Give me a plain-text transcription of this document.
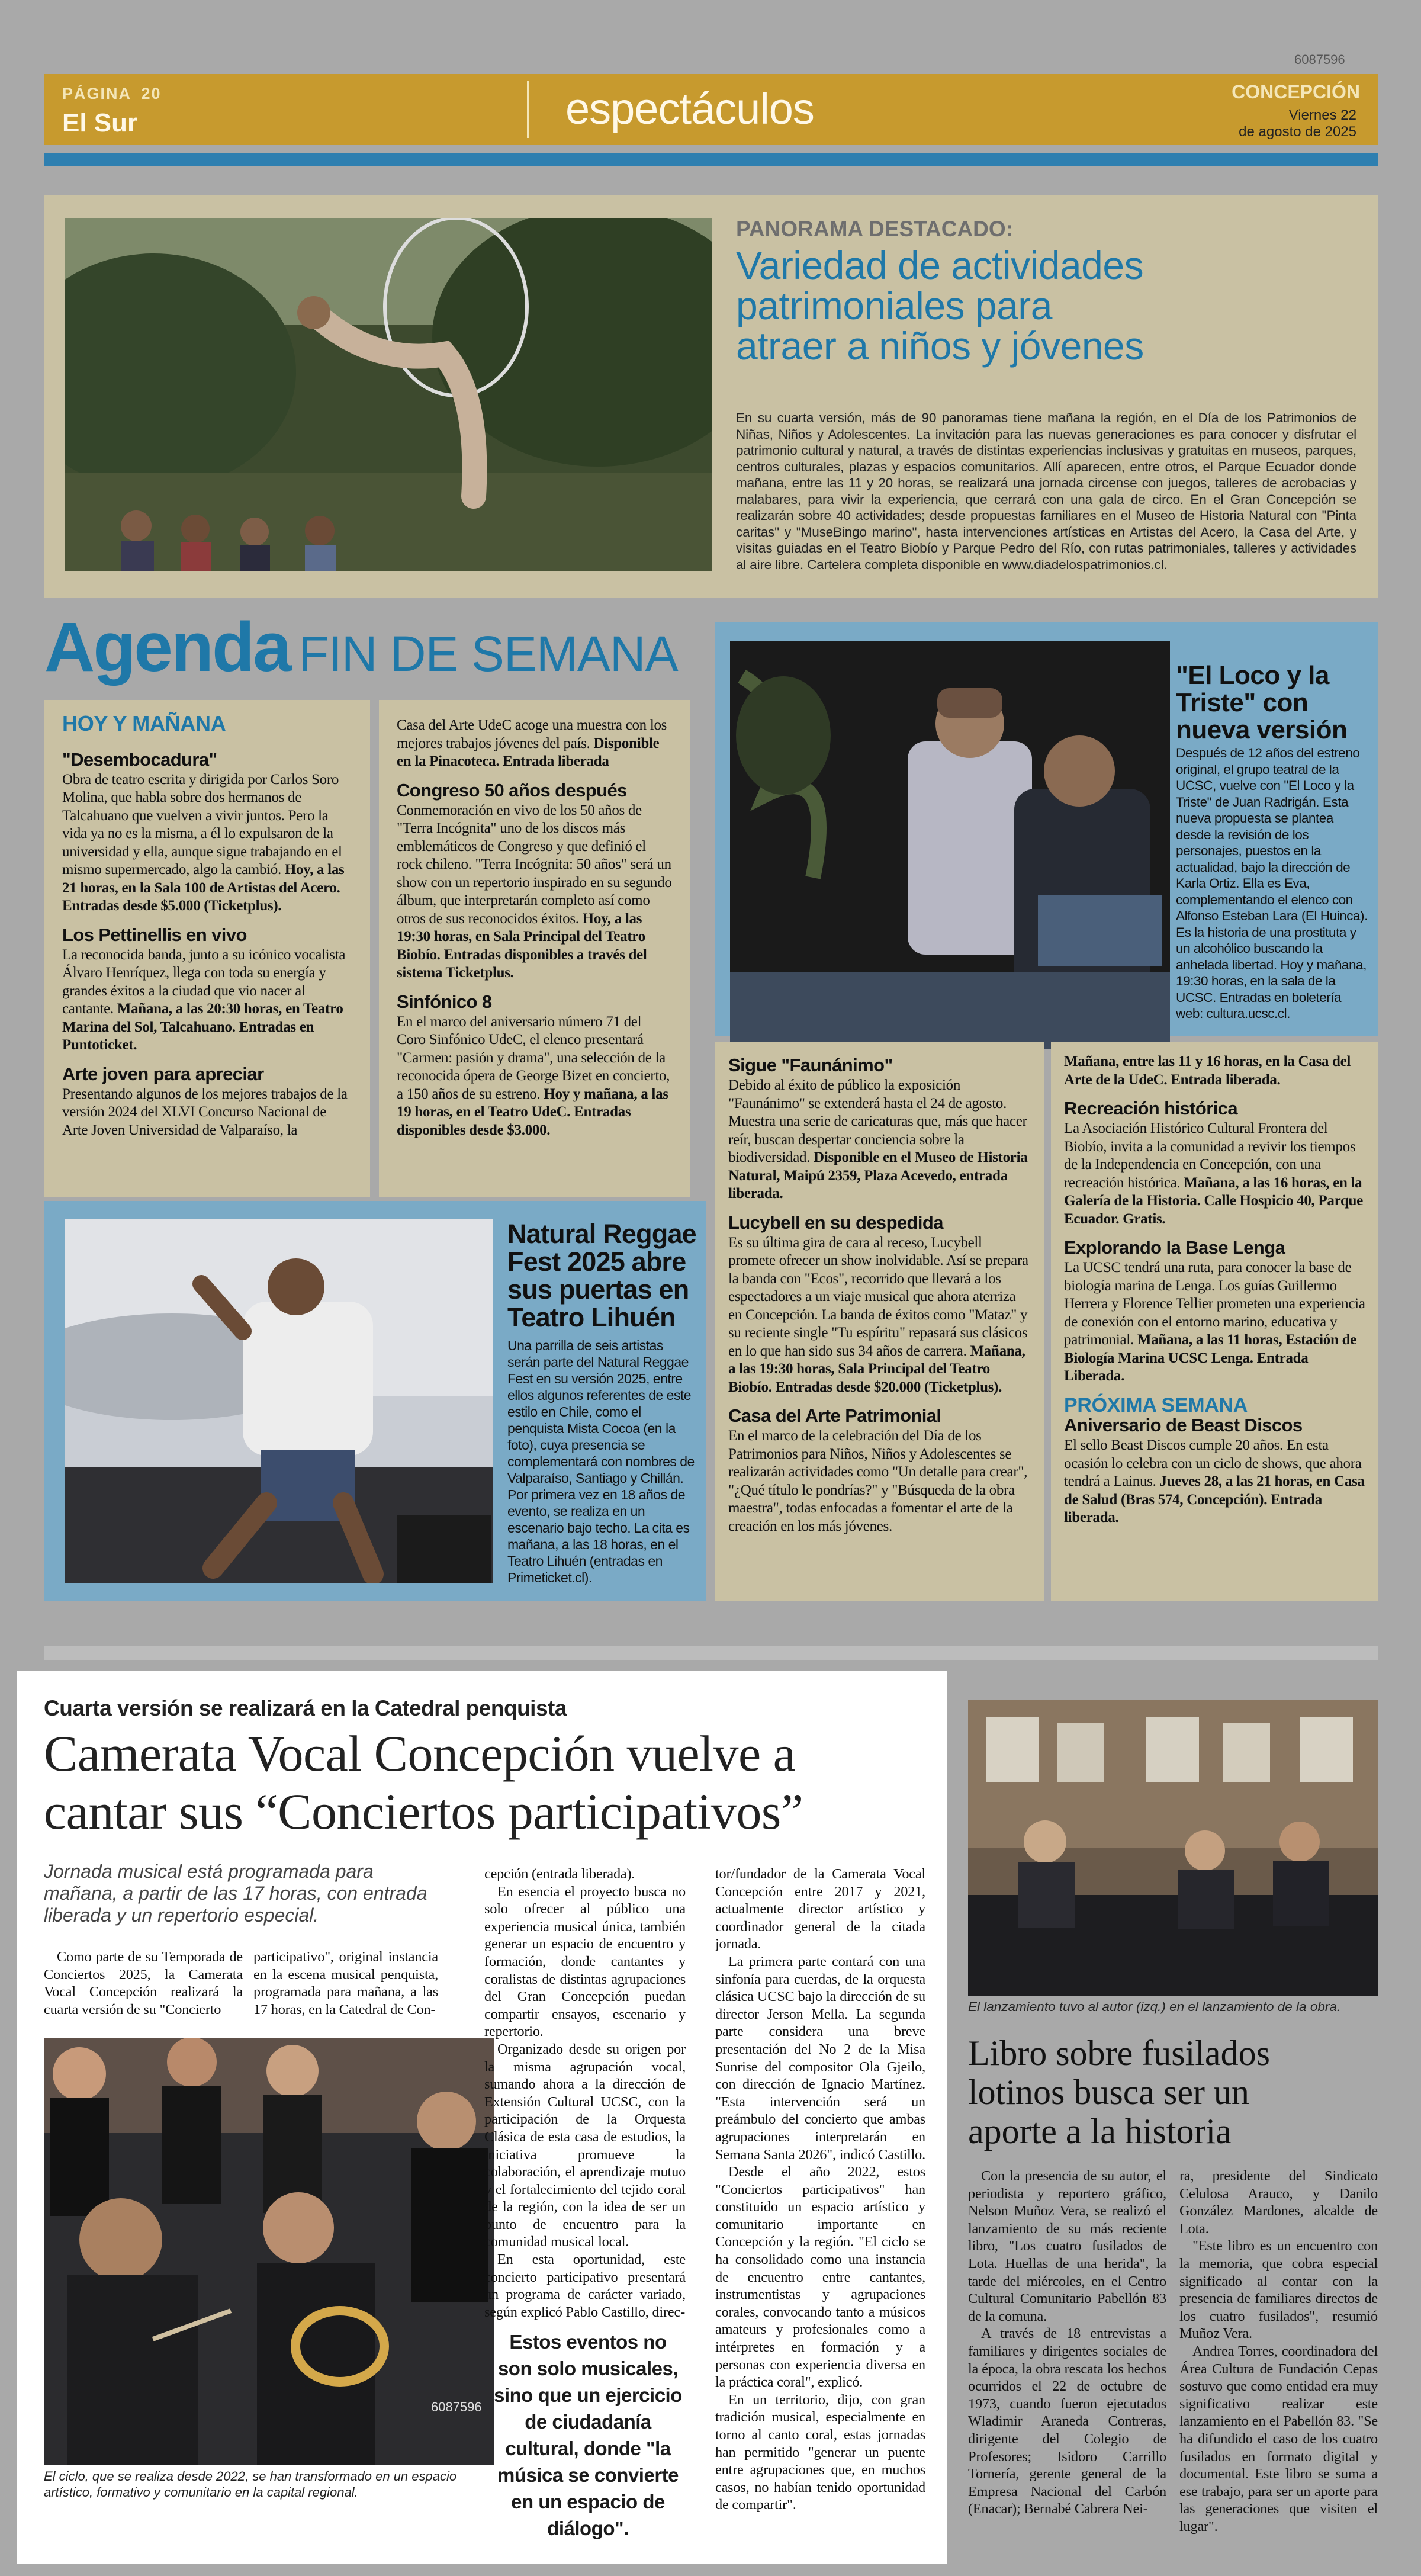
6087596
PÁGINA 20
El Sur	espectáculos	CONCEPCIÓN
Viernes 22
de agosto de 2025
PANORAMA DESTACADO:
Variedad de actividades
patrimoniales para
atraer a niños y jóvenes
En su cuarta versión, más de 90 panoramas tiene mañana la región, en el Día de los Patrimonios de Niñas, Niños y Adolescentes. La invitación para las nuevas generaciones es para conocer y disfrutar el patrimonio cultural y natural, a través de distintas experiencias inclusivas y gratuitas en museos, parques, centros culturales, plazas y espacios comunitarios. Allí aparecen, entre otros, el Parque Ecuador donde mañana, entre las 11 y 20 horas, se realizará una jornada circense con juegos, talleres de acrobacias y malabares, para vivir la experiencia, que cerrará con una gala de circo. En el Gran Concepción se realizarán sobre 40 actividades; desde propuestas familiares en el Museo de Historia Natural con "Pinta caritas" y "MuseBingo marino", hasta intervenciones artísticas en Artistas del Acero, la Casa del Arte, y visitas guiadas en el Teatro Biobío y Parque Pedro del Río, con rutas patrimoniales, talleres y actividades al aire libre. Cartelera completa disponible en www.diadelospatrimonios.cl.
Agenda FIN DE SEMANA
HOY Y MAÑANA
"Desembocadura"
Obra de teatro escrita y dirigida por Carlos Soro Molina, que habla sobre dos hermanos de Talcahuano que vuelven a vivir juntos. Pero la vida ya no es la misma, a él lo expulsaron de la universidad y ella, aunque sigue trabajando en el mismo supermercado, algo la cambió. Hoy, a las 21 horas, en la Sala 100 de Artistas del Acero. Entradas desde $5.000 (Ticketplus).
Los Pettinellis en vivo
La reconocida banda, junto a su icónico vocalista Álvaro Henríquez, llega con toda su energía y grandes éxitos a la ciudad que vio nacer al cantante. Mañana, a las 20:30 horas, en Teatro Marina del Sol, Talcahuano. Entradas en Puntoticket.
Arte joven para apreciar
Presentando algunos de los mejores trabajos de la versión 2024 del XLVI Concurso Nacional de Arte Joven Universidad de Valparaíso, la
Casa del Arte UdeC acoge una muestra con los mejores trabajos jóvenes del país. Disponible en la Pinacoteca. Entrada liberada
Congreso 50 años después
Conmemoración en vivo de los 50 años de "Terra Incógnita" uno de los discos más emblemáticos de Congreso y que definió el rock chileno. "Terra Incógnita: 50 años" será un show con un repertorio inspirado en su segundo álbum, que interpretarán completo así como otros de sus reconocidos éxitos. Hoy, a las 19:30 horas, en Sala Principal del Teatro Biobío. Entradas disponibles a través del sistema Ticketplus.
Sinfónico 8
En el marco del aniversario número 71 del Coro Sinfónico UdeC, el elenco presentará "Carmen: pasión y drama", una selección de la reconocida ópera de George Bizet en concierto, a 150 años de su estreno. Hoy y mañana, a las 19 horas, en el Teatro UdeC. Entradas disponibles desde $3.000.
"El Loco y la
Triste" con
nueva versión
Después de 12 años del estreno original, el grupo teatral de la UCSC, vuelve con "El Loco y la Triste" de Juan Radrigán. Esta nueva propuesta se plantea desde la revisión de los personajes, puestos en la actualidad, bajo la dirección de Karla Ortiz. Ella es Eva, complementando el elenco con Alfonso Esteban Lara (El Huinca). Es la historia de una prostituta y un alcohólico buscando la anhelada libertad. Hoy y mañana, 19:30 horas, en la sala de la UCSC. Entradas en boletería web: cultura.ucsc.cl.
Natural Reggae
Fest 2025 abre
sus puertas en
Teatro Lihuén
Una parrilla de seis artistas serán parte del Natural Reggae Fest en su versión 2025, entre ellos algunos referentes de este estilo en Chile, como el penquista Mista Cocoa (en la foto), cuya presencia se complementará con nombres de Valparaíso, Santiago y Chillán. Por primera vez en 18 años de evento, se realiza en un escenario bajo techo. La cita es mañana, a las 18 horas, en el Teatro Lihuén (entradas en Primeticket.cl).
Sigue "Faunánimo"
Debido al éxito de público la exposición "Faunánimo" se extenderá hasta el 24 de agosto. Muestra una serie de caricaturas que, más que hacer reír, buscan despertar conciencia sobre la biodiversidad. Disponible en el Museo de Historia Natural, Maipú 2359, Plaza Acevedo, entrada liberada.
Lucybell en su despedida
Es su última gira de cara al receso, Lucybell promete ofrecer un show inolvidable. Así se prepara la banda con "Ecos", recorrido que llevará a los espectadores a un viaje musical que ahora aterriza en Concepción. La banda de éxitos como "Mataz" y su reciente single "Tu espíritu" repasará sus clásicos en lo que han sido sus 34 años de carrera. Mañana, a las 19:30 horas, Sala Principal del Teatro Biobío. Entradas desde $20.000 (Ticketplus).
Casa del Arte Patrimonial
En el marco de la celebración del Día de los Patrimonios para Niños, Niños y Adolescentes se realizarán actividades como "Un detalle para crear", "¿Qué título le pondrías?" y "Búsqueda de la obra maestra", todas enfocadas a fomentar el arte de la creación en los más jóvenes.
Mañana, entre las 11 y 16 horas, en la Casa del Arte de la UdeC. Entrada liberada.
Recreación histórica
La Asociación Histórico Cultural Frontera del Biobío, invita a la comunidad a revivir los tiempos de la Independencia en Concepción, con una recreación histórica. Mañana, a las 16 horas, en la Galería de la Historia. Calle Hospicio 40, Parque Ecuador. Gratis.
Explorando la Base Lenga
La UCSC tendrá una ruta, para conocer la base de biología marina de Lenga. Los guías Guillermo Herrera y Florence Tellier prometen una experiencia de conexión con el entorno marino, educativa y patrimonial. Mañana, a las 11 horas, Estación de Biología Marina UCSC Lenga. Entrada Liberada.
PRÓXIMA SEMANA
Aniversario de Beast Discos
El sello Beast Discos cumple 20 años. En esta ocasión lo celebra con un ciclo de shows, que ahora tendrá a Lainus. Jueves 28, a las 21 horas, en Casa de Salud (Bras 574, Concepción). Entrada liberada.
Cuarta versión se realizará en la Catedral penquista
Camerata Vocal Concepción vuelve a
cantar sus “Conciertos participativos”
Jornada musical está programada para mañana, a partir de las 17 horas, con entrada liberada y un repertorio especial.

Como parte de su Temporada de Conciertos 2025, la Camerata Vocal Concepción realizará la cuarta versión de su "Concierto

participativo", original instancia en la escena musical penquista, programada para mañana, a las 17 horas, en la Catedral de Con-

6087596
El ciclo, que se realiza desde 2022, se han transformado en un espacio artístico, formativo y comunitario en la capital regional.

cepción (entrada liberada).

En esencia el proyecto busca no solo ofrecer al público una experiencia musical única, también generar un espacio de encuentro y formación, donde cantantes y coralistas de distintas agrupaciones del Gran Concepción puedan compartir ensayos, escenario y repertorio.

Organizado desde su origen por la misma agrupación vocal, sumando ahora a la dirección de Extensión Cultural UCSC, con la participación de la Orquesta Clásica de esta casa de estudios, la iniciativa promueve la colaboración, el aprendizaje mutuo y el fortalecimiento del tejido coral de la región, con la idea de ser un punto de encuentro para la comunidad musical local.

En esta oportunidad, este concierto participativo presentará un programa de carácter variado, según explicó Pablo Castillo, direc-

Estos eventos no son solo musicales, sino que un ejercicio de ciudadanía cultural, donde "la música se convierte en un espacio de diálogo".

tor/fundador de la Camerata Vocal Concepción entre 2017 y 2021, actualmente director artístico y coordinador general de la citada jornada.

La primera parte contará con una sinfonía para cuerdas, de la orquesta clásica UCSC bajo la dirección de su director Jerson Mella. La segunda parte considera una breve presentación del No 2 de la Misa Sunrise del compositor Ola Gjeilo, con dirección de Ignacio Martínez. "Esta intervención será un preámbulo del concierto que ambas agrupaciones interpretarán en Semana Santa 2026", indicó Castillo.

Desde el año 2022, estos "Conciertos participativos" han constituido un espacio artístico y comunitario importante en Concepción y la región. "El ciclo se ha consolidado como una instancia de encuentro entre cantantes, instrumentistas y agrupaciones corales, convocando tanto a músicos amateurs y profesionales como a intérpretes en formación y a personas con experiencia diversa en la práctica coral", explicó.

En un territorio, dijo, con gran tradición musical, especialmente en torno al canto coral, estas jornadas han permitido "generar un puente entre agrupaciones que, en muchos casos, no habían tenido oportunidad de compartir".

El lanzamiento tuvo al autor (izq.) en el lanzamiento de la obra.
Libro sobre fusilados
lotinos busca ser un
aporte a la historia

Con la presencia de su autor, el periodista y reportero gráfico, Nelson Muñoz Vera, se realizó el lanzamiento de su más reciente libro, "Los cuatro fusilados de Lota. Huellas de una herida", la tarde del miércoles, en el Centro Cultural Comunitario Pabellón 83 de la comuna.

A través de 18 entrevistas a familiares y dirigentes sociales de la época, la obra rescata los hechos ocurridos el 22 de octubre de 1973, cuando fueron ejecutados Wladimir Araneda Contreras, dirigente del Colegio de Profesores; Isidoro Carrillo Tornería, gerente general de la Empresa Nacional del Carbón (Enacar); Bernabé Cabrera Nei-

ra, presidente del Sindicato Celulosa Arauco, y Danilo González Mardones, alcalde de Lota.

"Este libro es un encuentro con la memoria, que cobra especial significado al contar con la presencia de familiares directos de los cuatro fusilados", resumió Muñoz Vera.

Andrea Torres, coordinadora del Área Cultura de Fundación Cepas sostuvo que como entidad era muy significativo realizar este lanzamiento en el Pabellón 83. "Se ha difundido el caso de los cuatro fusilados en formato digital y documental. Este libro se suma a ese trabajo, para ser un aporte para las generaciones que visiten el lugar".
